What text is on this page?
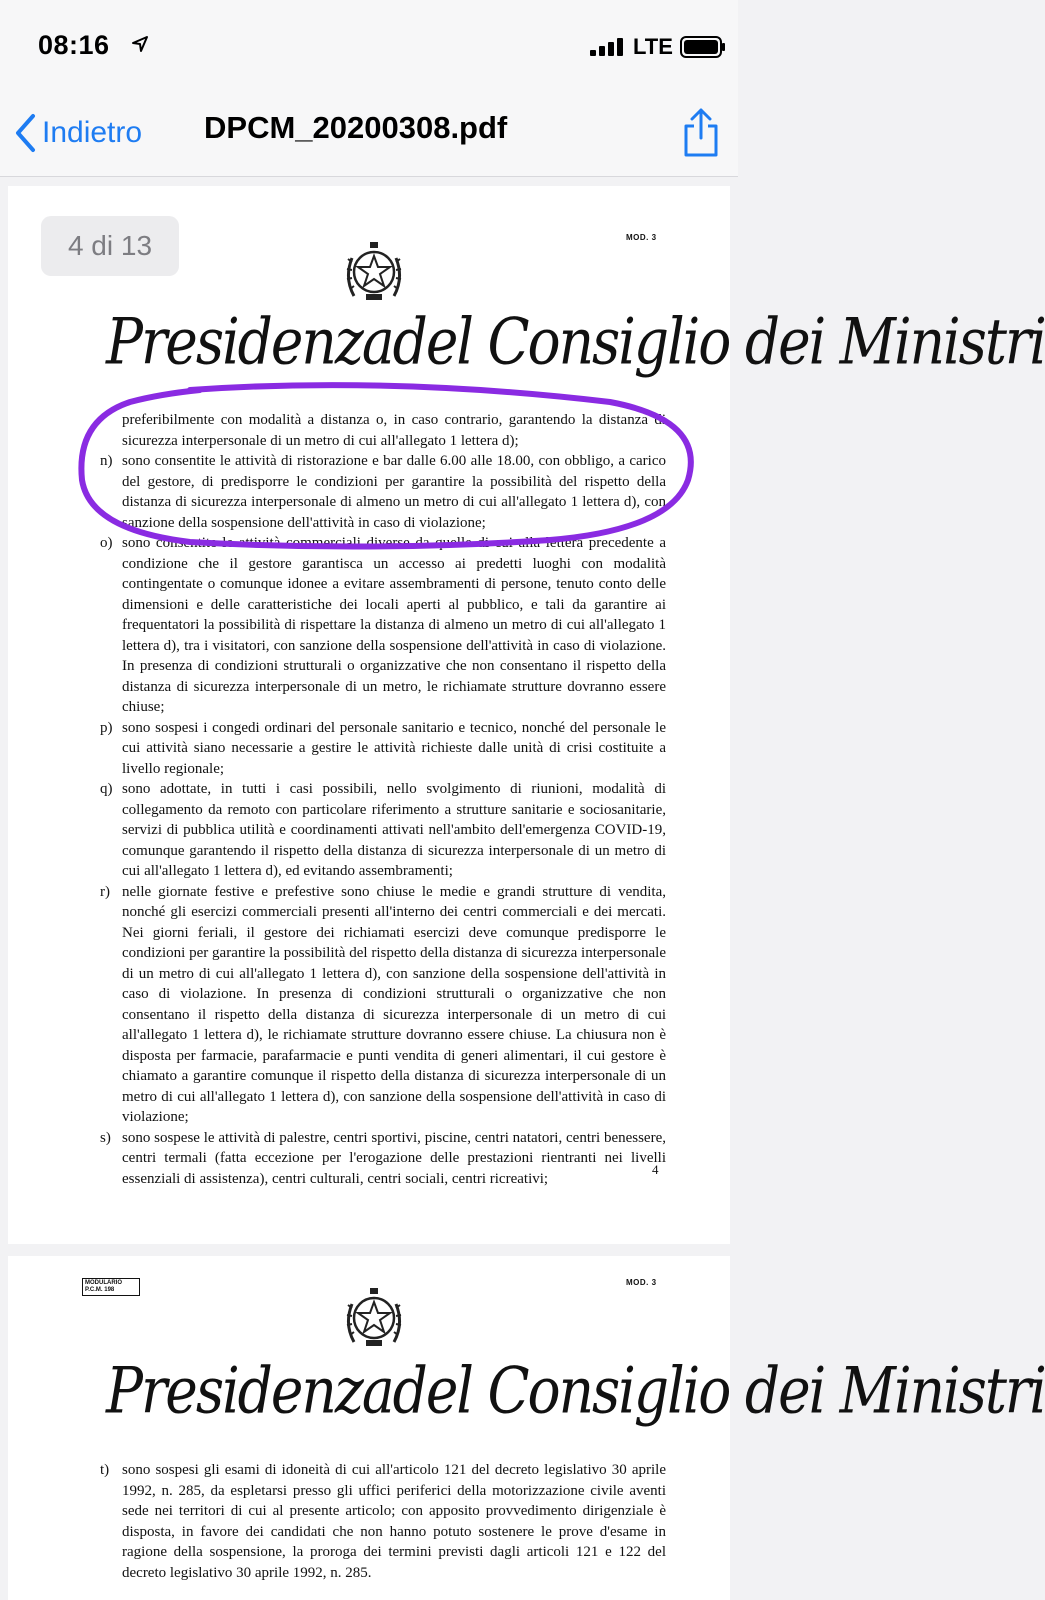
08:16	LTE
Indietro DPCM_20200308.pdf
4 di 13	MOD. 3
Presidenzadel Consiglio dei Ministri

preferibilmente con modalità a distanza o, in caso contrario, garantendo la distanza di sicurezza interpersonale di un metro di cui all'allegato 1 lettera d);

n) sono consentite le attività di ristorazione e bar dalle 6.00 alle 18.00, con obbligo, a carico del gestore, di predisporre le condizioni per garantire la possibilità del rispetto della distanza di sicurezza interpersonale di almeno un metro di cui all'allegato 1 lettera d), con sanzione della sospensione dell'attività in caso di violazione;

o) sono consentite le attività commerciali diverse da quelle di cui alla lettera precedente a condizione che il gestore garantisca un accesso ai predetti luoghi con modalità contingentate o comunque idonee a evitare assembramenti di persone, tenuto conto delle dimensioni e delle caratteristiche dei locali aperti al pubblico, e tali da garantire ai frequentatori la possibilità di rispettare la distanza di almeno un metro di cui all'allegato 1 lettera d), tra i visitatori, con sanzione della sospensione dell'attività in caso di violazione. In presenza di condizioni strutturali o organizzative che non consentano il rispetto della distanza di sicurezza interpersonale di un metro, le richiamate strutture dovranno essere chiuse;

p) sono sospesi i congedi ordinari del personale sanitario e tecnico, nonché del personale le cui attività siano necessarie a gestire le attività richieste dalle unità di crisi costituite a livello regionale;

q) sono adottate, in tutti i casi possibili, nello svolgimento di riunioni, modalità di collegamento da remoto con particolare riferimento a strutture sanitarie e sociosanitarie, servizi di pubblica utilità e coordinamenti attivati nell'ambito dell'emergenza COVID-19, comunque garantendo il rispetto della distanza di sicurezza interpersonale di un metro di cui all'allegato 1 lettera d), ed evitando assembramenti;

r) nelle giornate festive e prefestive sono chiuse le medie e grandi strutture di vendita, nonché gli esercizi commerciali presenti all'interno dei centri commerciali e dei mercati. Nei giorni feriali, il gestore dei richiamati esercizi deve comunque predisporre le condizioni per garantire la possibilità del rispetto della distanza di sicurezza interpersonale di un metro di cui all'allegato 1 lettera d), con sanzione della sospensione dell'attività in caso di violazione. In presenza di condizioni strutturali o organizzative che non consentano il rispetto della distanza di sicurezza interpersonale di un metro di cui all'allegato 1 lettera d), le richiamate strutture dovranno essere chiuse. La chiusura non è disposta per farmacie, parafarmacie e punti vendita di generi alimentari, il cui gestore è chiamato a garantire comunque il rispetto della distanza di sicurezza interpersonale di un metro di cui all'allegato 1 lettera d), con sanzione della sospensione dell'attività in caso di violazione;

s) sono sospese le attività di palestre, centri sportivi, piscine, centri natatori, centri benessere, centri termali (fatta eccezione per l'erogazione delle prestazioni rientranti nei livelli essenziali di assistenza), centri culturali, centri sociali, centri ricreativi;

4
MODULARIO P.C.M. 198
MOD. 3
Presidenzadel Consiglio dei Ministri

t) sono sospesi gli esami di idoneità di cui all'articolo 121 del decreto legislativo 30 aprile 1992, n. 285, da espletarsi presso gli uffici periferici della motorizzazione civile aventi sede nei territori di cui al presente articolo; con apposito provvedimento dirigenziale è disposta, in favore dei candidati che non hanno potuto sostenere le prove d'esame in ragione della sospensione, la proroga dei termini previsti dagli articoli 121 e 122 del decreto legislativo 30 aprile 1992, n. 285.
